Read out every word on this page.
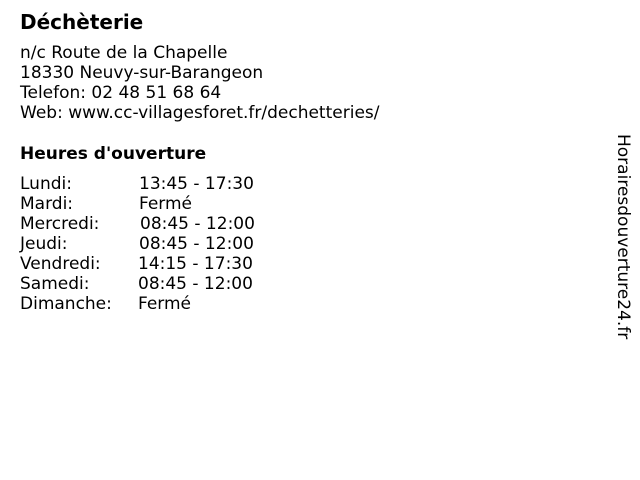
Déchèterie
n/c Route de la Chapelle
18330 Neuvy-sur-Barangeon
Telefon: 02 48 51 68 64
Web: www.cc-villagesforet.fr/dechetteries/
Heures d'ouverture
Lundi:	13:45 - 17:30
Mardi:	Fermé
Mercredi: 08:45 - 12:00
Jeudi:	08:45 - 12:00
Vendredi: 14:15 - 17:30
Samedi:	08:45 - 12:00
Dimanche: Fermé	Horairesdouverture24.fr
